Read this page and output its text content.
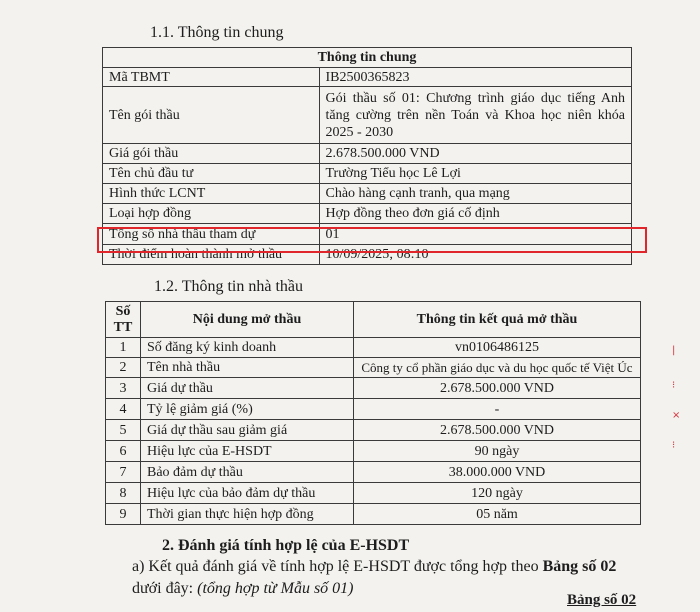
1.1. Thông tin chung
Thông tin chung	
Mã TBMT	IB2500365823
Tên gói thầu	Gói thầu số 01: Chương trình giáo dục tiếng Anh tăng cường trên nền Toán và Khoa học niên khóa 2025 - 2030
Giá gói thầu	2.678.500.000 VND
Tên chủ đầu tư	Trường Tiểu học Lê Lợi
Hình thức LCNT	Chào hàng cạnh tranh, qua mạng
Loại hợp đồng	Hợp đồng theo đơn giá cố định
Tổng số nhà thầu tham dự	01
Thời điểm hoàn thành mở thầu	10/09/2025; 08:10
1.2. Thông tin nhà thầu
Số TT	Nội dung mở thầu	Thông tin kết quả mở thầu
1	Số đăng ký kinh doanh	vn0106486125
2	Tên nhà thầu	Công ty cổ phần giáo dục và du học quốc tế Việt Úc
3	Giá dự thầu	2.678.500.000 VND
4	Tỷ lệ giảm giá (%)	-
5	Giá dự thầu sau giảm giá	2.678.500.000 VND
6	Hiệu lực của E-HSDT	90 ngày
7	Bảo đảm dự thầu	38.000.000 VND
8	Hiệu lực của bảo đảm dự thầu	120 ngày
9	Thời gian thực hiện hợp đồng	05 năm
2. Đánh giá tính hợp lệ của E-HSDT
a) Kết quả đánh giá về tính hợp lệ E-HSDT được tổng hợp theo Bảng số 02 dưới đây: (tổng hợp từ Mẫu số 01)
Bảng số 02
|
⁝
×
⁝
